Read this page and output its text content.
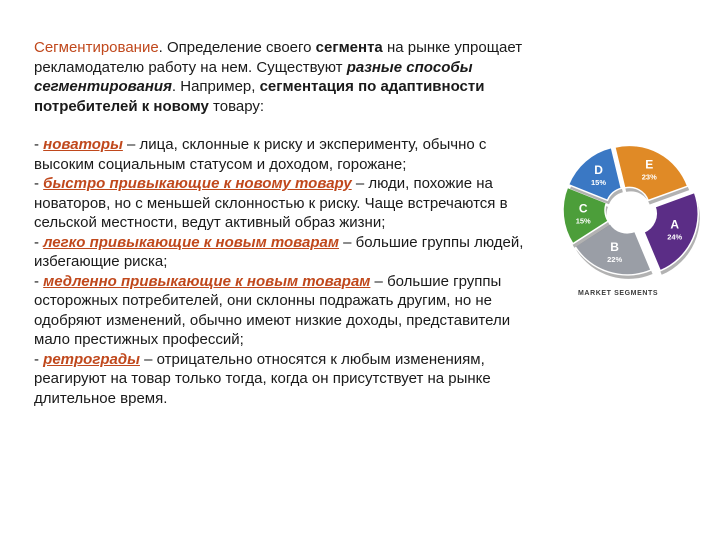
Сегментирование. Определение своего сегмента на рынке упрощает рекламодателю работу на нем. Существуют разные способы сегментирования. Например, сегментация по адаптивности потребителей к новому товару:

- новаторы – лица, склонные к риску и эксперименту, обычно с высоким социальным статусом и доходом, горожане;

- быстро привыкающие к новому товару – люди, похожие на новаторов, но с меньшей склонностью к риску. Чаще встречаются в сельской местности, ведут активный образ жизни;

- легко привыкающие к новым товарам – большие группы людей, избегающие риска;

- медленно привыкающие к новым товарам – большие группы осторожных потребителей, они склонны подражать другим, но не одобряют изменений, обычно имеют низкие доходы, представители мало престижных профессий;

- ретрограды – отрицательно относятся к любым изменениям, реагируют на товар только тогда, когда он присутствует на рынке длительное время.

A
24%
B
22%
C
15%
D
15%
E
23%
MARKET SEGMENTS
